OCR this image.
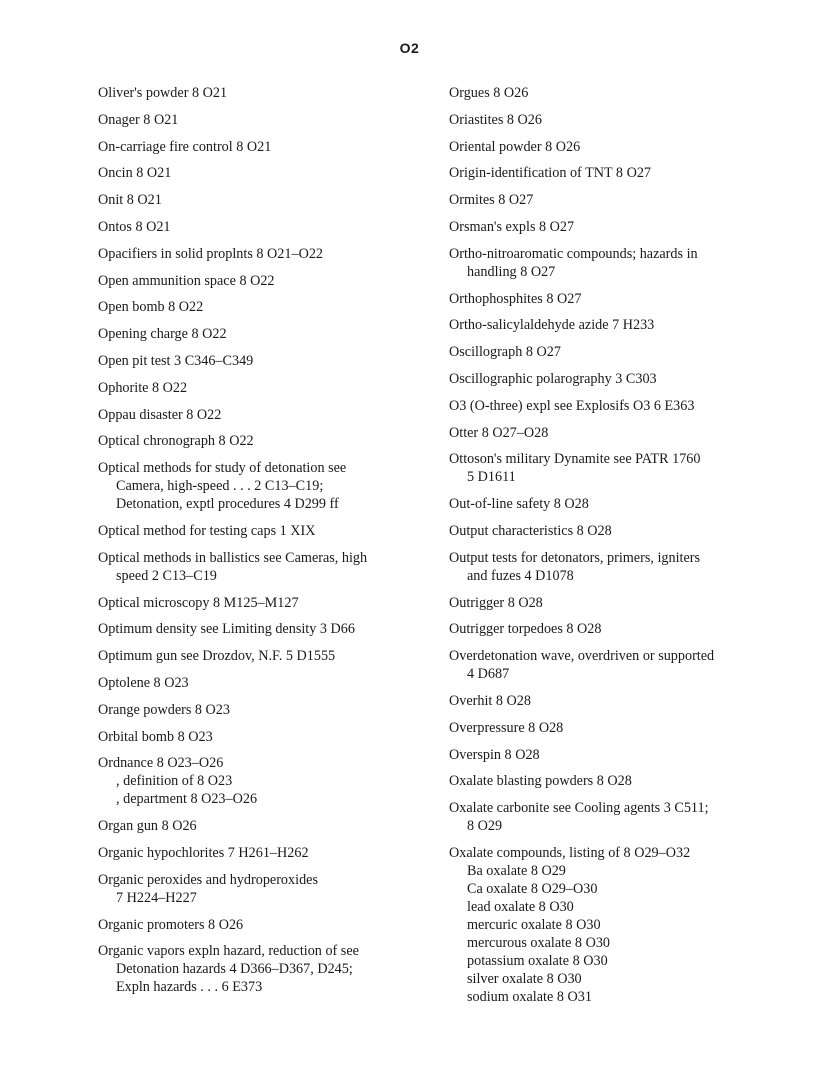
O2
Oliver's powder 8 O21
Onager 8 O21
On-carriage fire control 8 O21
Oncin 8 O21
Onit 8 O21
Ontos 8 O21
Opacifiers in solid proplnts 8 O21–O22
Open ammunition space 8 O22
Open bomb 8 O22
Opening charge 8 O22
Open pit test 3 C346–C349
Ophorite 8 O22
Oppau disaster 8 O22
Optical chronograph 8 O22
Optical methods for study of detonation see
Camera, high-speed . . . 2 C13–C19;
Detonation, exptl procedures 4 D299 ff
Optical method for testing caps 1 XIX
Optical methods in ballistics see Cameras, high
speed 2 C13–C19
Optical microscopy 8 M125–M127
Optimum density see Limiting density 3 D66
Optimum gun see Drozdov, N.F. 5 D1555
Optolene 8 O23
Orange powders 8 O23
Orbital bomb 8 O23
Ordnance 8 O23–O26
, definition of 8 O23
, department 8 O23–O26
Organ gun 8 O26
Organic hypochlorites 7 H261–H262
Organic peroxides and hydroperoxides
7 H224–H227
Organic promoters 8 O26
Organic vapors expln hazard, reduction of see
Detonation hazards 4 D366–D367, D245;
Expln hazards . . . 6 E373
Orgues 8 O26
Oriastites 8 O26
Oriental powder 8 O26
Origin-identification of TNT 8 O27
Ormites 8 O27
Orsman's expls 8 O27
Ortho-nitroaromatic compounds; hazards in
handling 8 O27
Orthophosphites 8 O27
Ortho-salicylaldehyde azide 7 H233
Oscillograph 8 O27
Oscillographic polarography 3 C303
O3 (O-three) expl see Explosifs O3 6 E363
Otter 8 O27–O28
Ottoson's military Dynamite see PATR 1760
5 D1611
Out-of-line safety 8 O28
Output characteristics 8 O28
Output tests for detonators, primers, igniters
and fuzes 4 D1078
Outrigger 8 O28
Outrigger torpedoes 8 O28
Overdetonation wave, overdriven or supported
4 D687
Overhit 8 O28
Overpressure 8 O28
Overspin 8 O28
Oxalate blasting powders 8 O28
Oxalate carbonite see Cooling agents 3 C511;
8 O29
Oxalate compounds, listing of 8 O29–O32
Ba oxalate 8 O29
Ca oxalate 8 O29–O30
lead oxalate 8 O30
mercuric oxalate 8 O30
mercurous oxalate 8 O30
potassium oxalate 8 O30
silver oxalate 8 O30
sodium oxalate 8 O31
